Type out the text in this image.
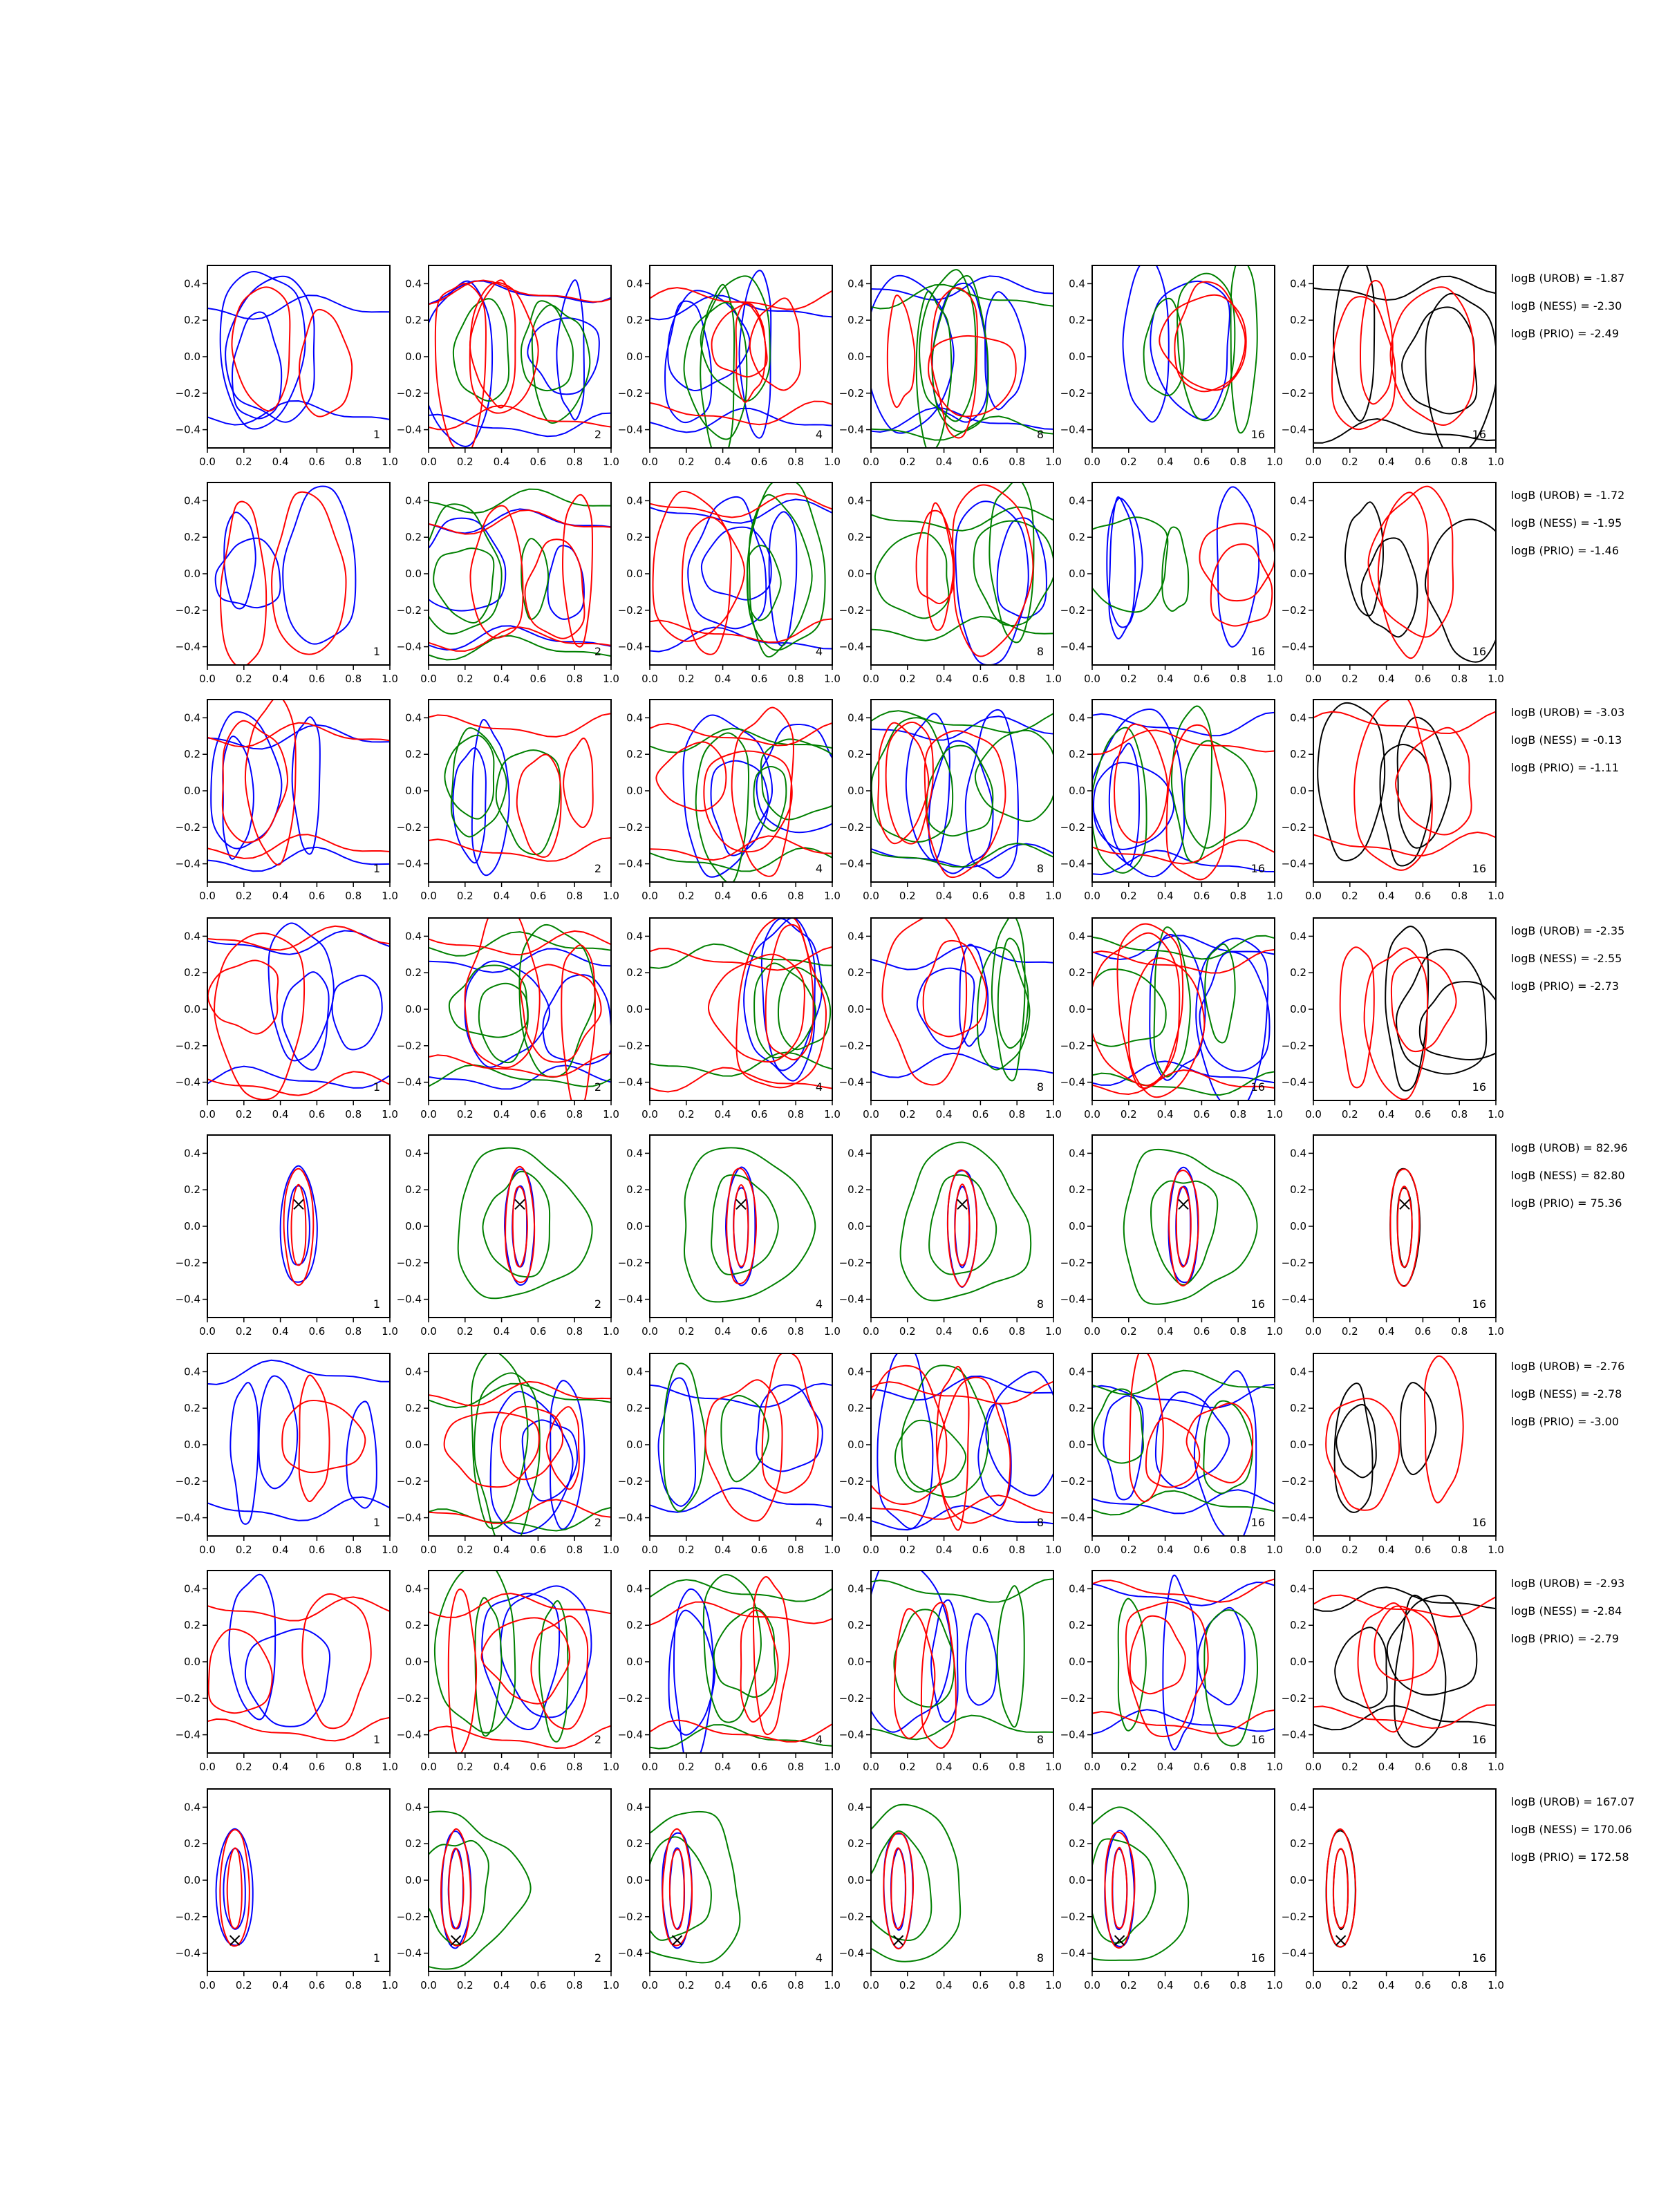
0.0 0.2 0.4 0.6 0.8 1.0
0.4
0.2
0.0
−0.2
−0.4	1
0.0 0.2 0.4 0.6 0.8 1.0
0.4
0.2
0.0
−0.2
−0.4	2
0.0 0.2 0.4 0.6 0.8 1.0
0.4
0.2
0.0
−0.2
−0.4	4
0.0 0.2 0.4 0.6 0.8 1.0
0.4
0.2
0.0
−0.2
−0.4	8
0.0 0.2 0.4 0.6 0.8 1.0
0.4
0.2
0.0
−0.2
−0.4	16
0.0 0.2 0.4 0.6 0.8 1.0
0.4
0.2
0.0
−0.2
−0.4	16
logB (UROB) = -1.87
logB (NESS) = -2.30
logB (PRIO) = -2.49
0.0 0.2 0.4 0.6 0.8 1.0
0.4
0.2
0.0
−0.2
−0.4	1
0.0 0.2 0.4 0.6 0.8 1.0
0.4
0.2
0.0
−0.2
−0.4	2
0.0 0.2 0.4 0.6 0.8 1.0
0.4
0.2
0.0
−0.2
−0.4	4
0.0 0.2 0.4 0.6 0.8 1.0
0.4
0.2
0.0
−0.2
−0.4	8
0.0 0.2 0.4 0.6 0.8 1.0
0.4
0.2
0.0
−0.2
−0.4	16
0.0 0.2 0.4 0.6 0.8 1.0
0.4
0.2
0.0
−0.2
−0.4	16
logB (UROB) = -1.72
logB (NESS) = -1.95
logB (PRIO) = -1.46
0.0 0.2 0.4 0.6 0.8 1.0
0.4
0.2
0.0
−0.2
−0.4	1
0.0 0.2 0.4 0.6 0.8 1.0
0.4
0.2
0.0
−0.2
−0.4	2
0.0 0.2 0.4 0.6 0.8 1.0
0.4
0.2
0.0
−0.2
−0.4	4
0.0 0.2 0.4 0.6 0.8 1.0
0.4
0.2
0.0
−0.2
−0.4	8
0.0 0.2 0.4 0.6 0.8 1.0
0.4
0.2
0.0
−0.2
−0.4	16
0.0 0.2 0.4 0.6 0.8 1.0
0.4
0.2
0.0
−0.2
−0.4	16
logB (UROB) = -3.03
logB (NESS) = -0.13
logB (PRIO) = -1.11
0.0 0.2 0.4 0.6 0.8 1.0
0.4
0.2
0.0
−0.2
−0.4	1
0.0 0.2 0.4 0.6 0.8 1.0
0.4
0.2
0.0
−0.2
−0.4	2
0.0 0.2 0.4 0.6 0.8 1.0
0.4
0.2
0.0
−0.2
−0.4	4
0.0 0.2 0.4 0.6 0.8 1.0
0.4
0.2
0.0
−0.2
−0.4	8
0.0 0.2 0.4 0.6 0.8 1.0
0.4
0.2
0.0
−0.2
−0.4	16
0.0 0.2 0.4 0.6 0.8 1.0
0.4
0.2
0.0
−0.2
−0.4	16
logB (UROB) = -2.35
logB (NESS) = -2.55
logB (PRIO) = -2.73
0.0 0.2 0.4 0.6 0.8 1.0
0.4
0.2
0.0
−0.2
−0.4	1
0.0 0.2 0.4 0.6 0.8 1.0
0.4
0.2
0.0
−0.2
−0.4	2
0.0 0.2 0.4 0.6 0.8 1.0
0.4
0.2
0.0
−0.2
−0.4	4
0.0 0.2 0.4 0.6 0.8 1.0
0.4
0.2
0.0
−0.2
−0.4	8
0.0 0.2 0.4 0.6 0.8 1.0
0.4
0.2
0.0
−0.2
−0.4	16
0.0 0.2 0.4 0.6 0.8 1.0
0.4
0.2
0.0
−0.2
−0.4	16
logB (UROB) = 82.96
logB (NESS) = 82.80
logB (PRIO) = 75.36
0.0 0.2 0.4 0.6 0.8 1.0
0.4
0.2
0.0
−0.2
−0.4	1
0.0 0.2 0.4 0.6 0.8 1.0
0.4
0.2
0.0
−0.2
−0.4	2
0.0 0.2 0.4 0.6 0.8 1.0
0.4
0.2
0.0
−0.2
−0.4	4
0.0 0.2 0.4 0.6 0.8 1.0
0.4
0.2
0.0
−0.2
−0.4	8
0.0 0.2 0.4 0.6 0.8 1.0
0.4
0.2
0.0
−0.2
−0.4	16
0.0 0.2 0.4 0.6 0.8 1.0
0.4
0.2
0.0
−0.2
−0.4	16
logB (UROB) = -2.76
logB (NESS) = -2.78
logB (PRIO) = -3.00
0.0 0.2 0.4 0.6 0.8 1.0
0.4
0.2
0.0
−0.2
−0.4	1
0.0 0.2 0.4 0.6 0.8 1.0
0.4
0.2
0.0
−0.2
−0.4	2
0.0 0.2 0.4 0.6 0.8 1.0
0.4
0.2
0.0
−0.2
−0.4	4
0.0 0.2 0.4 0.6 0.8 1.0
0.4
0.2
0.0
−0.2
−0.4	8
0.0 0.2 0.4 0.6 0.8 1.0
0.4
0.2
0.0
−0.2
−0.4	16
0.0 0.2 0.4 0.6 0.8 1.0
0.4
0.2
0.0
−0.2
−0.4	16
logB (UROB) = -2.93
logB (NESS) = -2.84
logB (PRIO) = -2.79
0.0 0.2 0.4 0.6 0.8 1.0
0.4
0.2
0.0
−0.2
−0.4	1
0.0 0.2 0.4 0.6 0.8 1.0
0.4
0.2
0.0
−0.2
−0.4	2
0.0 0.2 0.4 0.6 0.8 1.0
0.4
0.2
0.0
−0.2
−0.4	4
0.0 0.2 0.4 0.6 0.8 1.0
0.4
0.2
0.0
−0.2
−0.4	8
0.0 0.2 0.4 0.6 0.8 1.0
0.4
0.2
0.0
−0.2
−0.4	16
0.0 0.2 0.4 0.6 0.8 1.0
0.4
0.2
0.0
−0.2
−0.4	16
logB (UROB) = 167.07
logB (NESS) = 170.06
logB (PRIO) = 172.58
